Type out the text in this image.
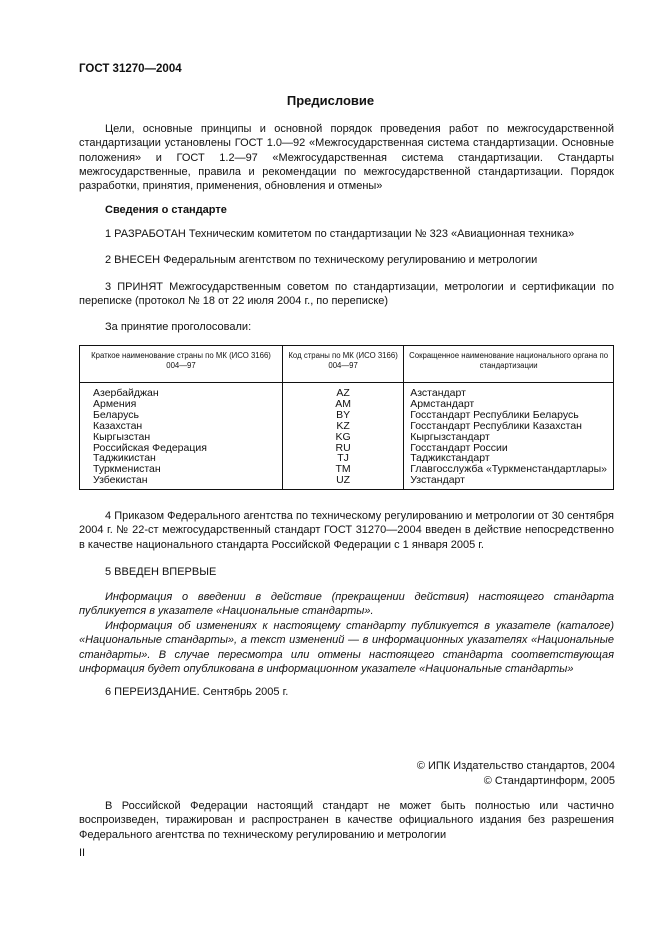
ГОСТ 31270—2004
Предисловие
Цели, основные принципы и основной порядок проведения работ по межгосударственной стандартизации установлены ГОСТ 1.0—92 «Межгосударственная система стандартизации. Основные положения» и ГОСТ 1.2—97 «Межгосударственная система стандартизации. Стандарты межгосударственные, правила и рекомендации по межгосударственной стандартизации. Порядок разработки, принятия, применения, обновления и отмены»
Сведения о стандарте
1 РАЗРАБОТАН Техническим комитетом по стандартизации № 323 «Авиационная техника»
2 ВНЕСЕН Федеральным агентством по техническому регулированию и метрологии
3 ПРИНЯТ Межгосударственным советом по стандартизации, метрологии и сертификации по переписке (протокол № 18 от 22 июля 2004 г., по переписке)
За принятие проголосовали:
Краткое наименование страны по МК (ИСО 3166) 004—97	Код страны по МК (ИСО 3166) 004—97	Сокращенное наименование национального органа по стандартизации
Азербайджан	AZ	Азстандарт
Армения	AM	Армстандарт
Беларусь	BY	Госстандарт Республики Беларусь
Казахстан	KZ	Госстандарт Республики Казахстан
Кыргызстан	KG	Кыргызстандарт
Российская Федерация	RU	Госстандарт России
Таджикистан	TJ	Таджикстандарт
Туркменистан	TM	Главгосслужба «Туркменстандартлары»
Узбекистан	UZ	Узстандарт
4 Приказом Федерального агентства по техническому регулированию и метрологии от 30 сентября 2004 г. № 22-ст межгосударственный стандарт ГОСТ 31270—2004 введен в действие непосредственно в качестве национального стандарта Российской Федерации с 1 января 2005 г.
5 ВВЕДЕН ВПЕРВЫЕ
Информация о введении в действие (прекращении действия) настоящего стандарта публикуется в указателе «Национальные стандарты».
Информация об изменениях к настоящему стандарту публикуется в указателе (каталоге) «Национальные стандарты», а текст изменений — в информационных указателях «Национальные стандарты». В случае пересмотра или отмены настоящего стандарта соответствующая информация будет опубликована в информационном указателе «Национальные стандарты»
6 ПЕРЕИЗДАНИЕ. Сентябрь 2005 г.
© ИПК Издательство стандартов, 2004
© Стандартинформ, 2005
В Российской Федерации настоящий стандарт не может быть полностью или частично воспроизведен, тиражирован и распространен в качестве официального издания без разрешения Федерального агентства по техническому регулированию и метрологии
II
